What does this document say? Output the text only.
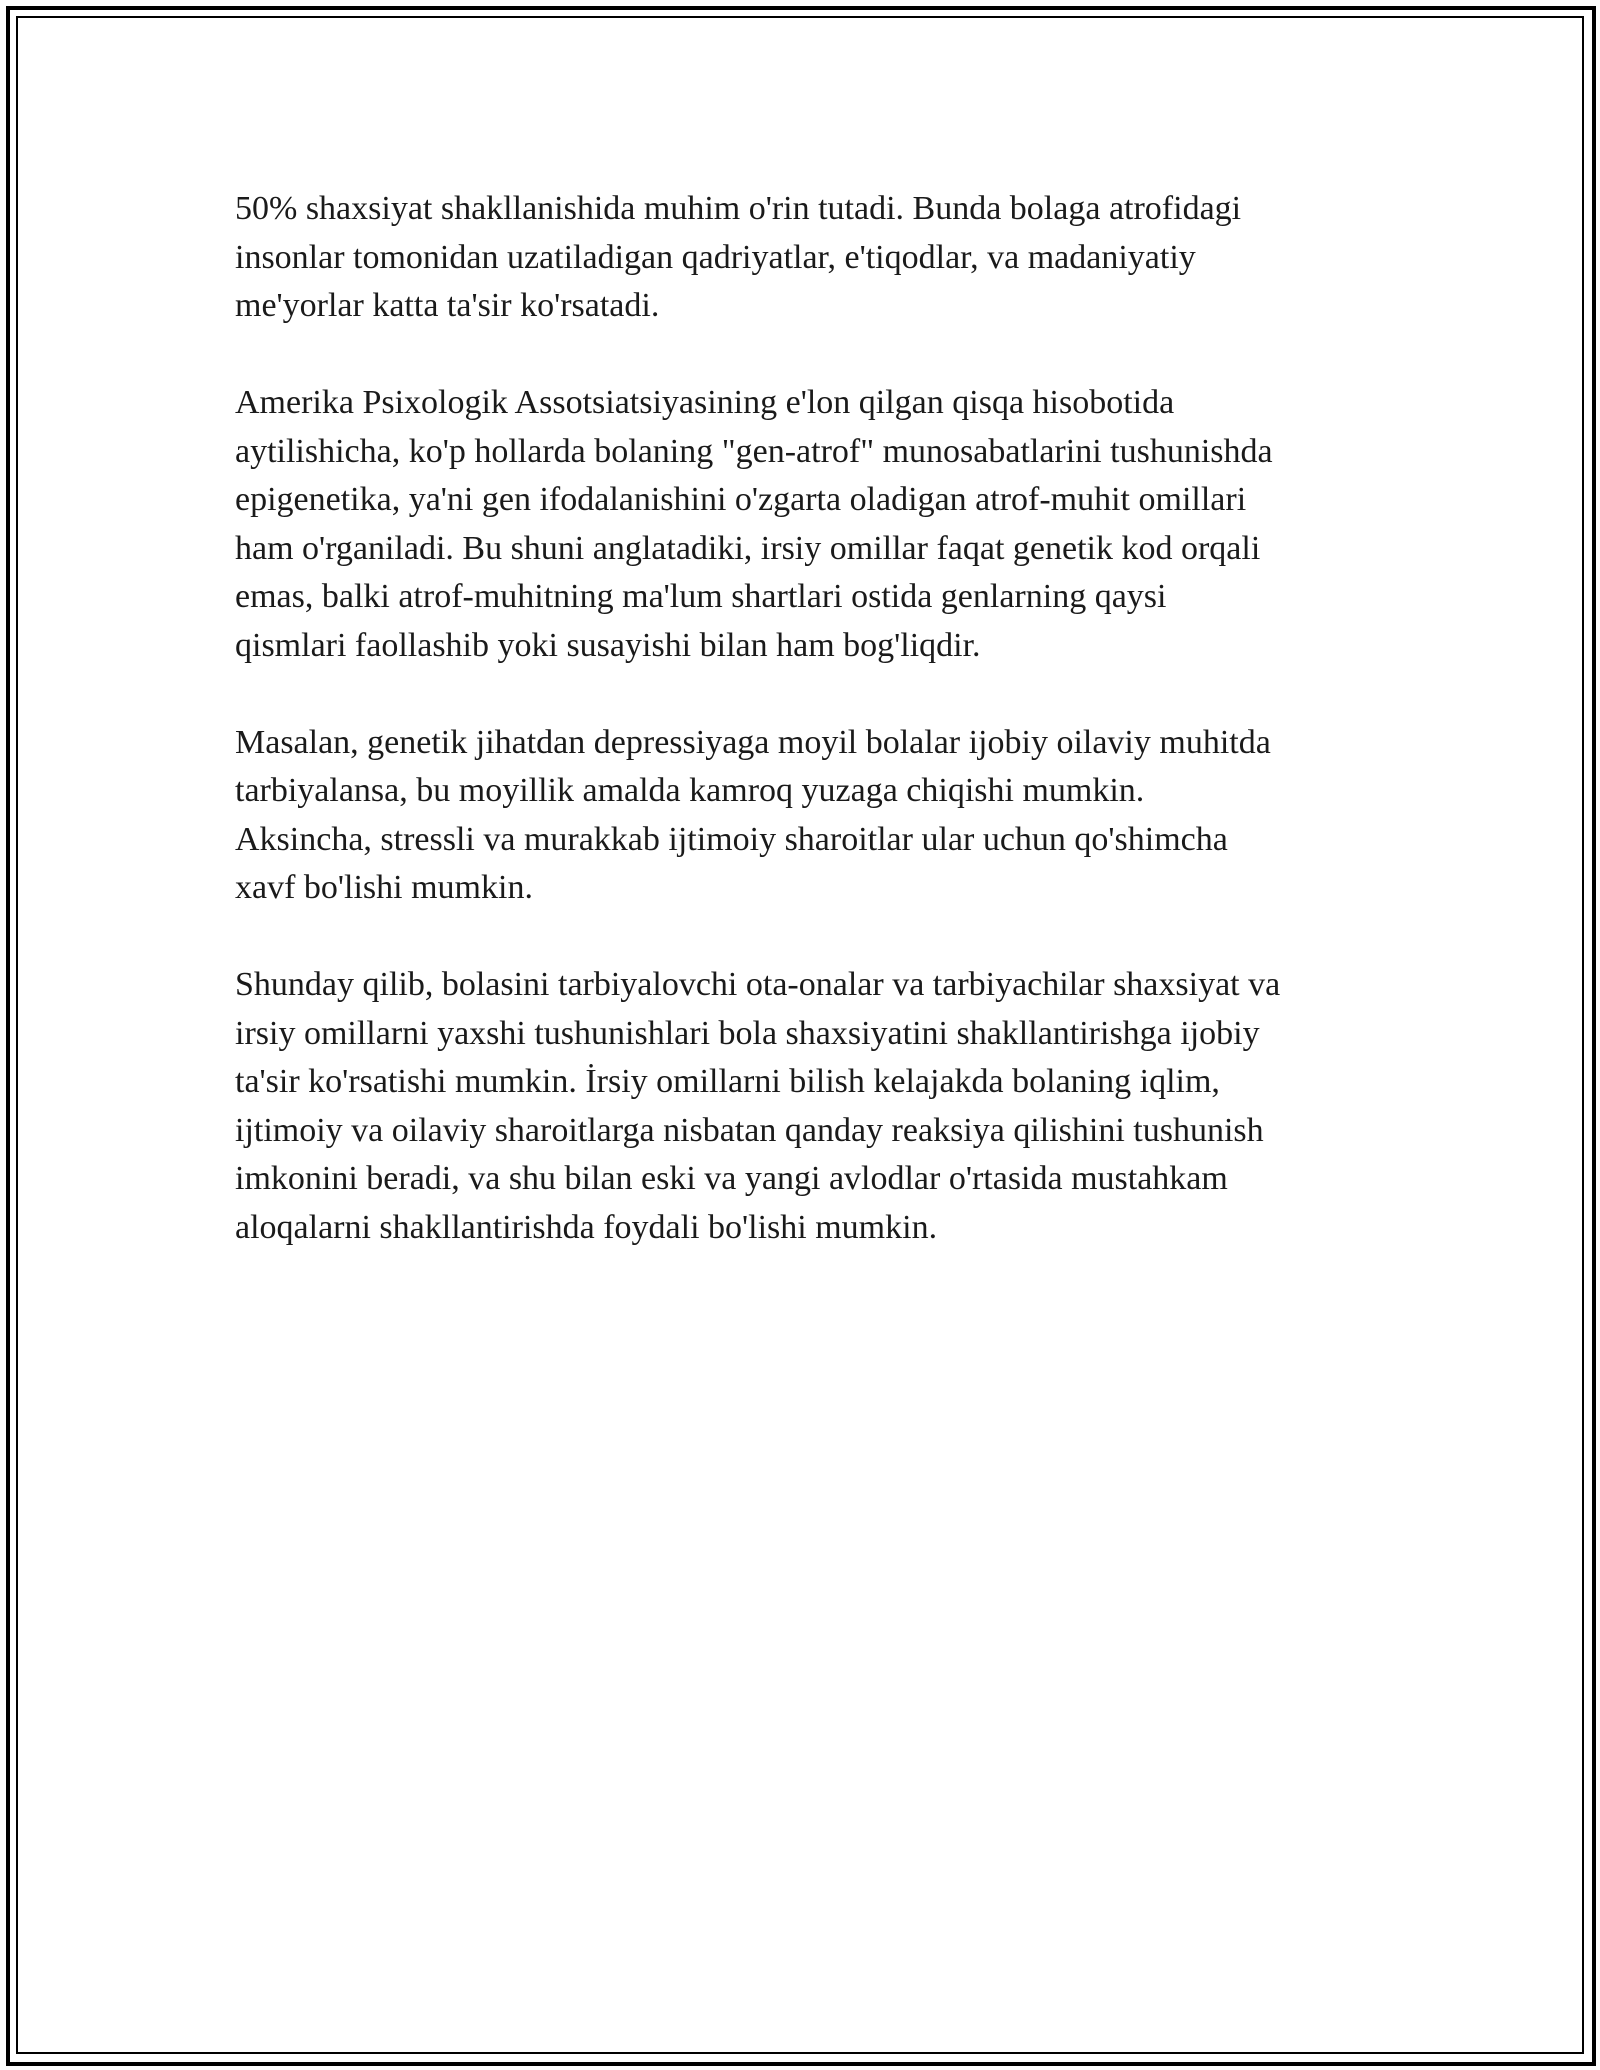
50% shaxsiyat shakllanishida muhim o'rin tutadi. Bunda bolaga atrofidagi
insonlar tomonidan uzatiladigan qadriyatlar, e'tiqodlar, va madaniyatiy
me'yorlar katta ta'sir ko'rsatadi.

Amerika Psixologik Assotsiatsiyasining e'lon qilgan qisqa hisobotida
aytilishicha, ko'p hollarda bolaning "gen-atrof" munosabatlarini tushunishda
epigenetika, ya'ni gen ifodalanishini o'zgarta oladigan atrof-muhit omillari
ham o'rganiladi. Bu shuni anglatadiki, irsiy omillar faqat genetik kod orqali
emas, balki atrof-muhitning ma'lum shartlari ostida genlarning qaysi
qismlari faollashib yoki susayishi bilan ham bog'liqdir.

Masalan, genetik jihatdan depressiyaga moyil bolalar ijobiy oilaviy muhitda
tarbiyalansa, bu moyillik amalda kamroq yuzaga chiqishi mumkin.
Aksincha, stressli va murakkab ijtimoiy sharoitlar ular uchun qo'shimcha
xavf bo'lishi mumkin.

Shunday qilib, bolasini tarbiyalovchi ota-onalar va tarbiyachilar shaxsiyat va
irsiy omillarni yaxshi tushunishlari bola shaxsiyatini shakllantirishga ijobiy
ta'sir ko'rsatishi mumkin. İrsiy omillarni bilish kelajakda bolaning iqlim,
ijtimoiy va oilaviy sharoitlarga nisbatan qanday reaksiya qilishini tushunish
imkonini beradi, va shu bilan eski va yangi avlodlar o'rtasida mustahkam
aloqalarni shakllantirishda foydali bo'lishi mumkin.
